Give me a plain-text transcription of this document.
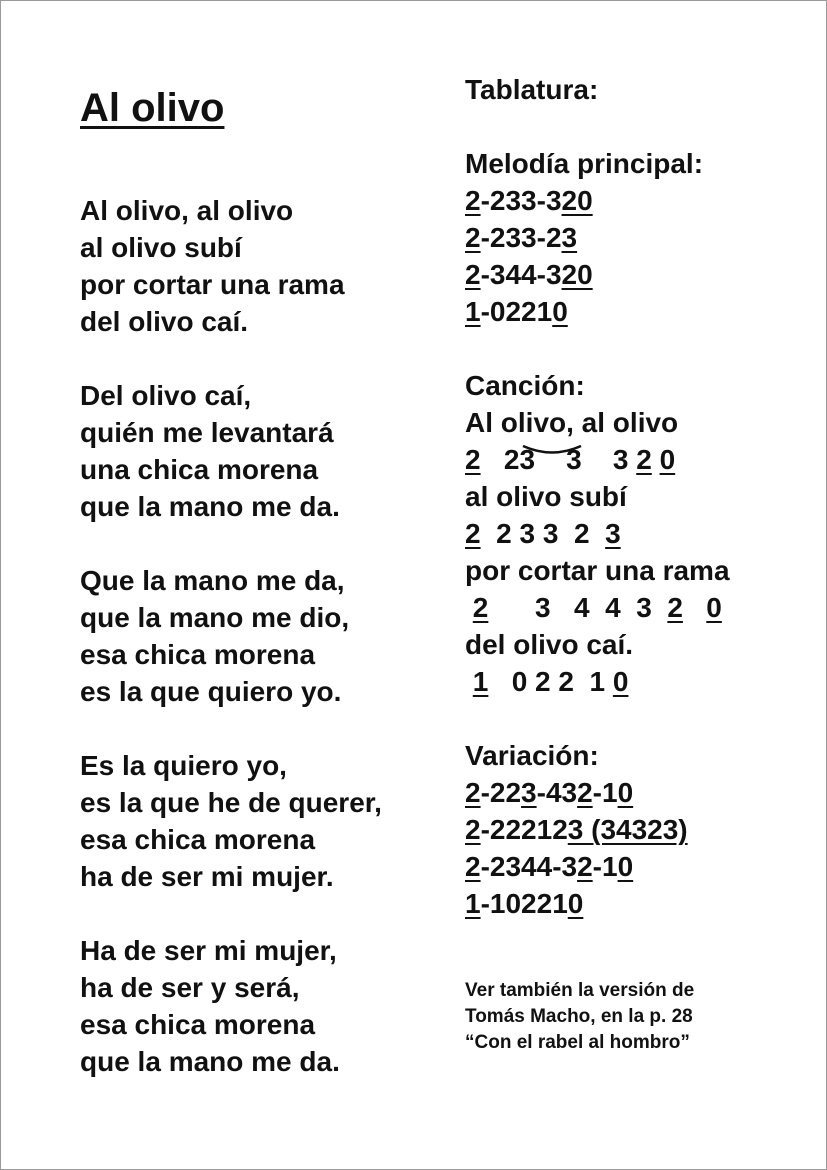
Al olivo
Al olivo, al olivo
al olivo subí
por cortar una rama
del olivo caí.
Del olivo caí,
quién me levantará
una chica morena
que la mano me da.
Que la mano me da,
que la mano me dio,
esa chica morena
es la que quiero yo.
Es la quiero yo,
es la que he de querer,
esa chica morena
ha de ser mi mujer.
Ha de ser mi mujer,
ha de ser y será,
esa chica morena
que la mano me da.
Tablatura:
Melodía principal:
2-233-320
2-233-23
2-344-320
1-02210
Canción:
Al olivo, al olivo
2   23    3    3 2 0
al olivo subí
2  2 3 3  2  3
por cortar una rama
2      3   4  4  3  2 0
del olivo caí.
1   0 2 2  1 0
Variación:
2-223-432-10
2-222123 (34323)
2-2344-32-10
1-102210
Ver también la versión de
Tomás Macho, en la p. 28
“Con el rabel al hombro”
